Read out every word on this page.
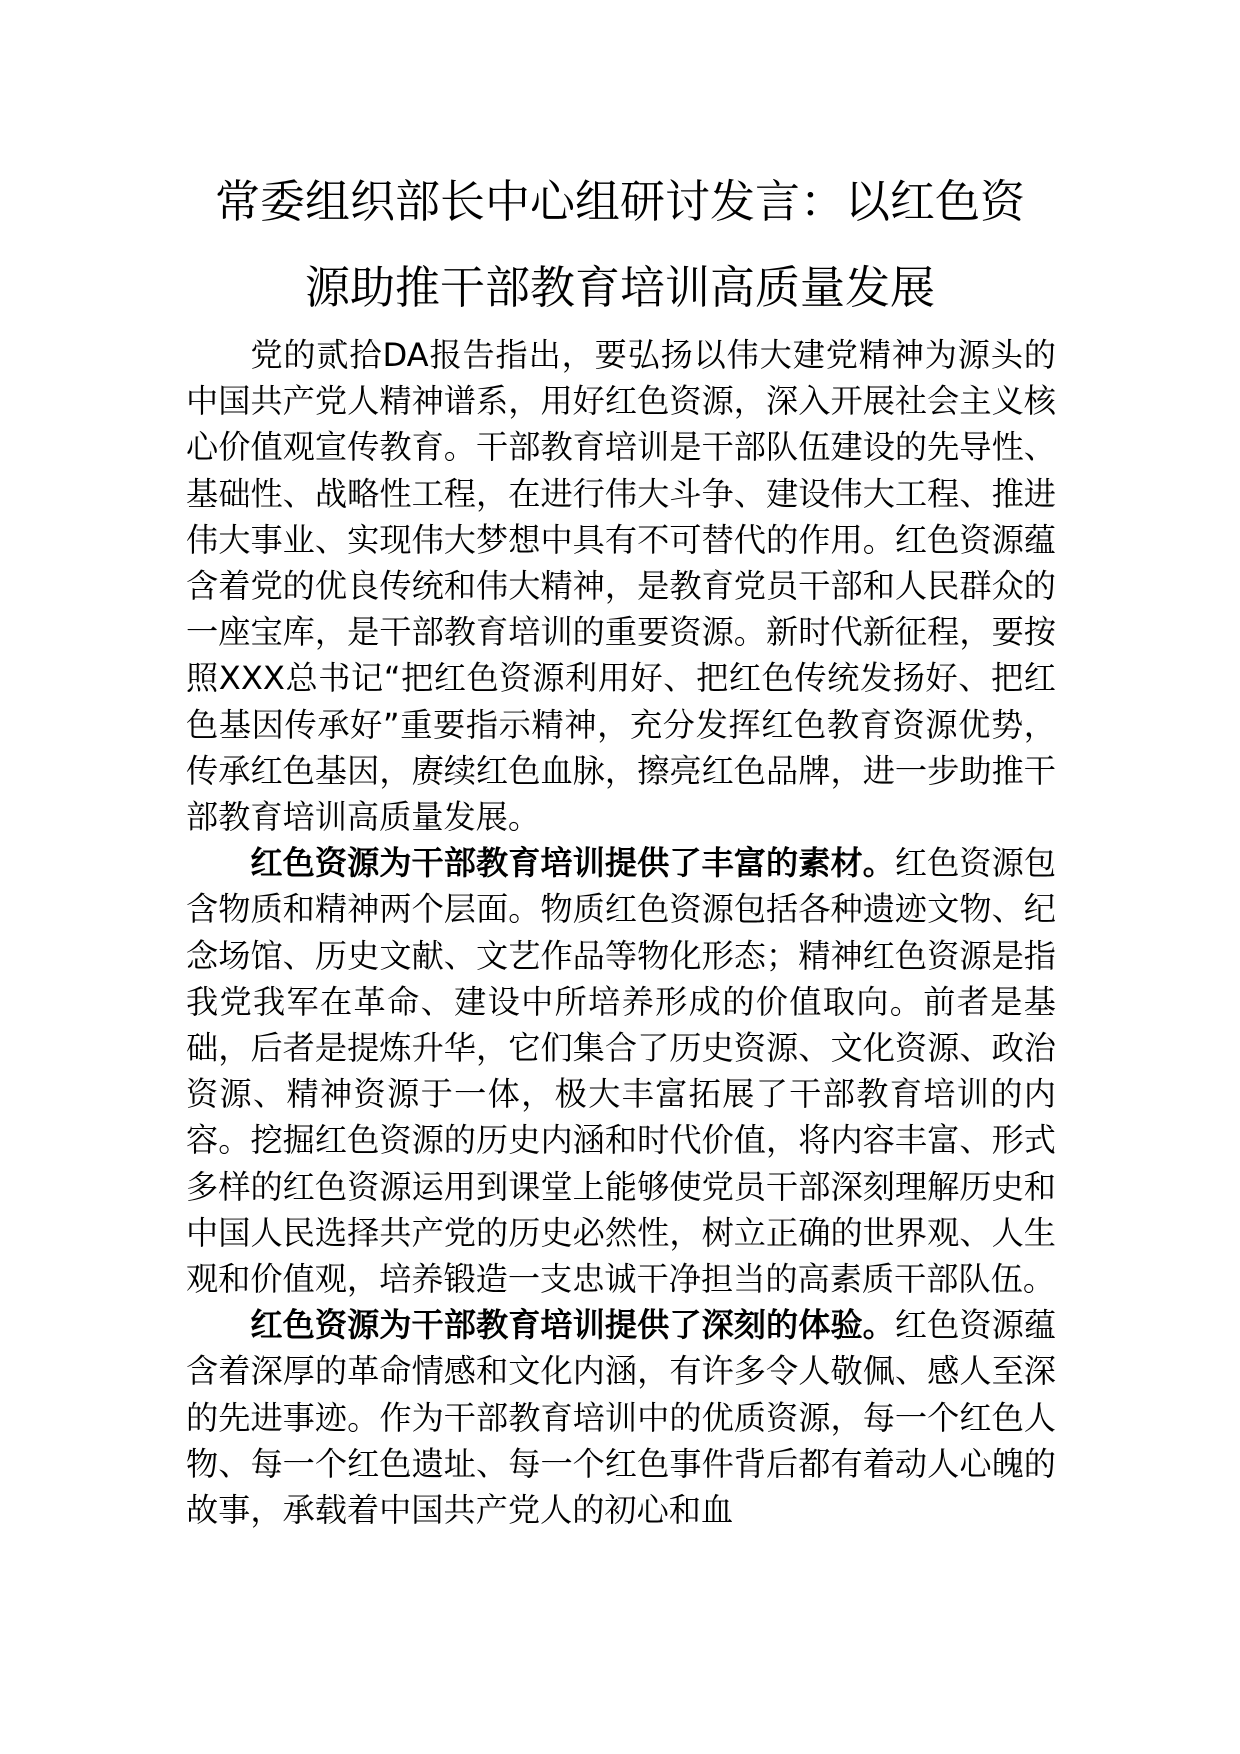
常委组织部长中心组研讨发言：以红色资
源助推干部教育培训高质量发展

党的贰拾DA报告指出，要弘扬以伟大建党精神为源头的中国共产党人精神谱系，用好红色资源，深入开展社会主义核心价值观宣传教育。干部教育培训是干部队伍建设的先导性、基础性、战略性工程，在进行伟大斗争、建设伟大工程、推进伟大事业、实现伟大梦想中具有不可替代的作用。红色资源蕴含着党的优良传统和伟大精神，是教育党员干部和人民群众的一座宝库，是干部教育培训的重要资源。新时代新征程，要按照XXX总书记“把红色资源利用好、把红色传统发扬好、把红色基因传承好”重要指示精神，充分发挥红色教育资源优势，传承红色基因，赓续红色血脉，擦亮红色品牌，进一步助推干部教育培训高质量发展。

红色资源为干部教育培训提供了丰富的素材。红色资源包含物质和精神两个层面。物质红色资源包括各种遗迹文物、纪念场馆、历史文献、文艺作品等物化形态；精神红色资源是指我党我军在革命、建设中所培养形成的价值取向。前者是基础，后者是提炼升华，它们集合了历史资源、文化资源、政治资源、精神资源于一体，极大丰富拓展了干部教育培训的内容。挖掘红色资源的历史内涵和时代价值，将内容丰富、形式多样的红色资源运用到课堂上能够使党员干部深刻理解历史和中国人民选择共产党的历史必然性，树立正确的世界观、人生观和价值观，培养锻造一支忠诚干净担当的高素质干部队伍。

红色资源为干部教育培训提供了深刻的体验。红色资源蕴含着深厚的革命情感和文化内涵，有许多令人敬佩、感人至深的先进事迹。作为干部教育培训中的优质资源，每一个红色人物、每一个红色遗址、每一个红色事件背后都有着动人心魄的故事，承载着中国共产党人的初心和血
